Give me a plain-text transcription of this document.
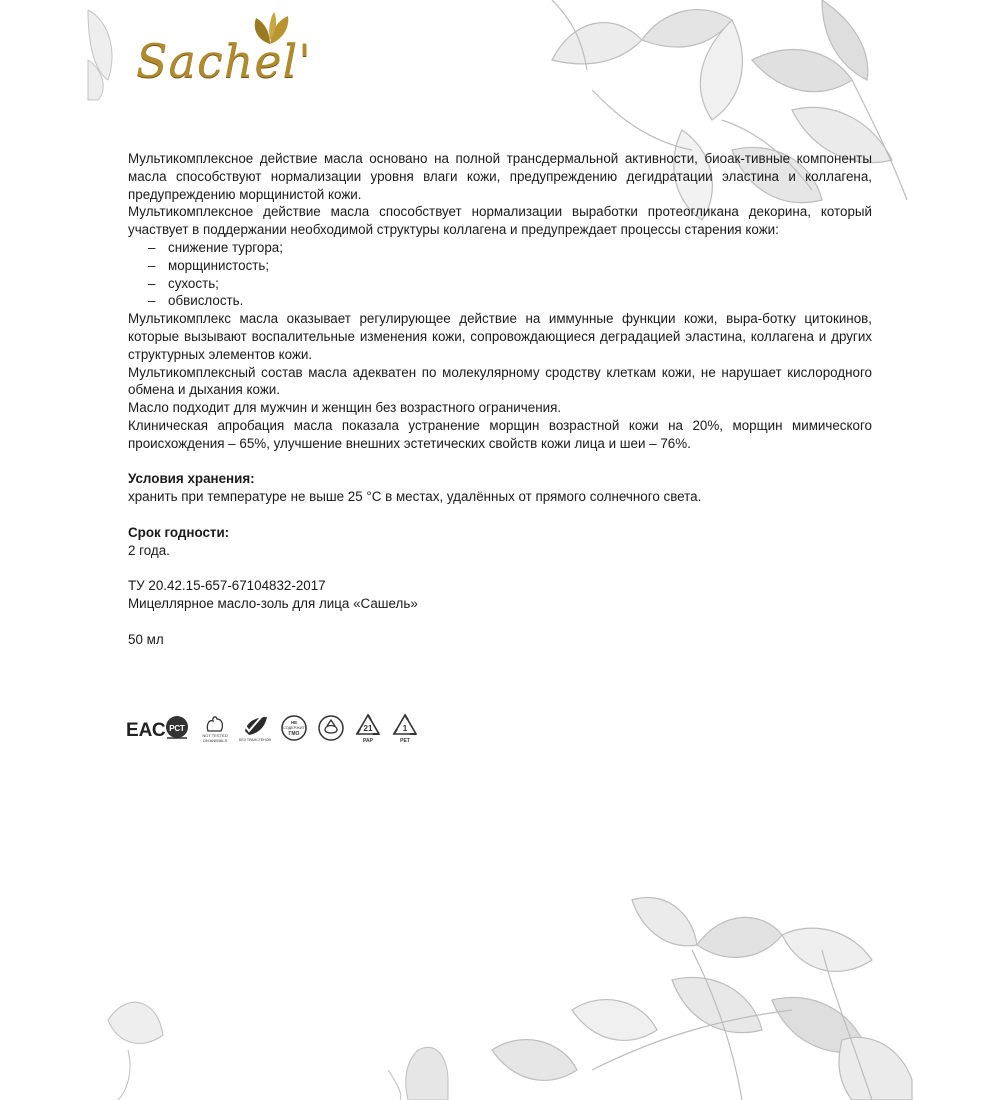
Sachel'

Мультикомплексное действие масла основано на полной трансдермальной активности, биоак-тивные компоненты масла способствуют нормализации уровня влаги кожи, предупреждению дегидратации эластина и коллагена, предупреждению морщинистой кожи.

Мультикомплексное действие масла способствует нормализации выработки протеогликана декорина, который участвует в поддержании необходимой структуры коллагена и предупреждает процессы старения кожи:

– снижение тургора;
– морщинистость;
– сухость;
– обвислость.

Мультикомплекс масла оказывает регулирующее действие на иммунные функции кожи, выра-ботку цитокинов, которые вызывают воспалительные изменения кожи, сопровождающиеся деградацией эластина, коллагена и других структурных элементов кожи.

Мультикомплексный состав масла адекватен по молекулярному сродству клеткам кожи, не нарушает кислородного обмена и дыхания кожи.

Масло подходит для мужчин и женщин без возрастного ограничения.

Клиническая апробация масла показала устранение морщин возрастной кожи на 20%, морщин мимического происхождения – 65%, улучшение внешних эстетических свойств кожи лица и шеи – 76%.

Условия хранения:

хранить при температуре не выше 25 °C в местах, удалённых от прямого солнечного света.

Срок годности:

2 года.

ТУ 20.42.15-657-67104832-2017

Мицеллярное масло-золь для лица «Сашель»

50 мл

ЕАС РСТ
NOT TESTED
ON ANIMALS	БЕЗ ТРАНСГЕНОВ
НЕ
СОДЕРЖИТ
ГМО
21
PAP
1
PET
